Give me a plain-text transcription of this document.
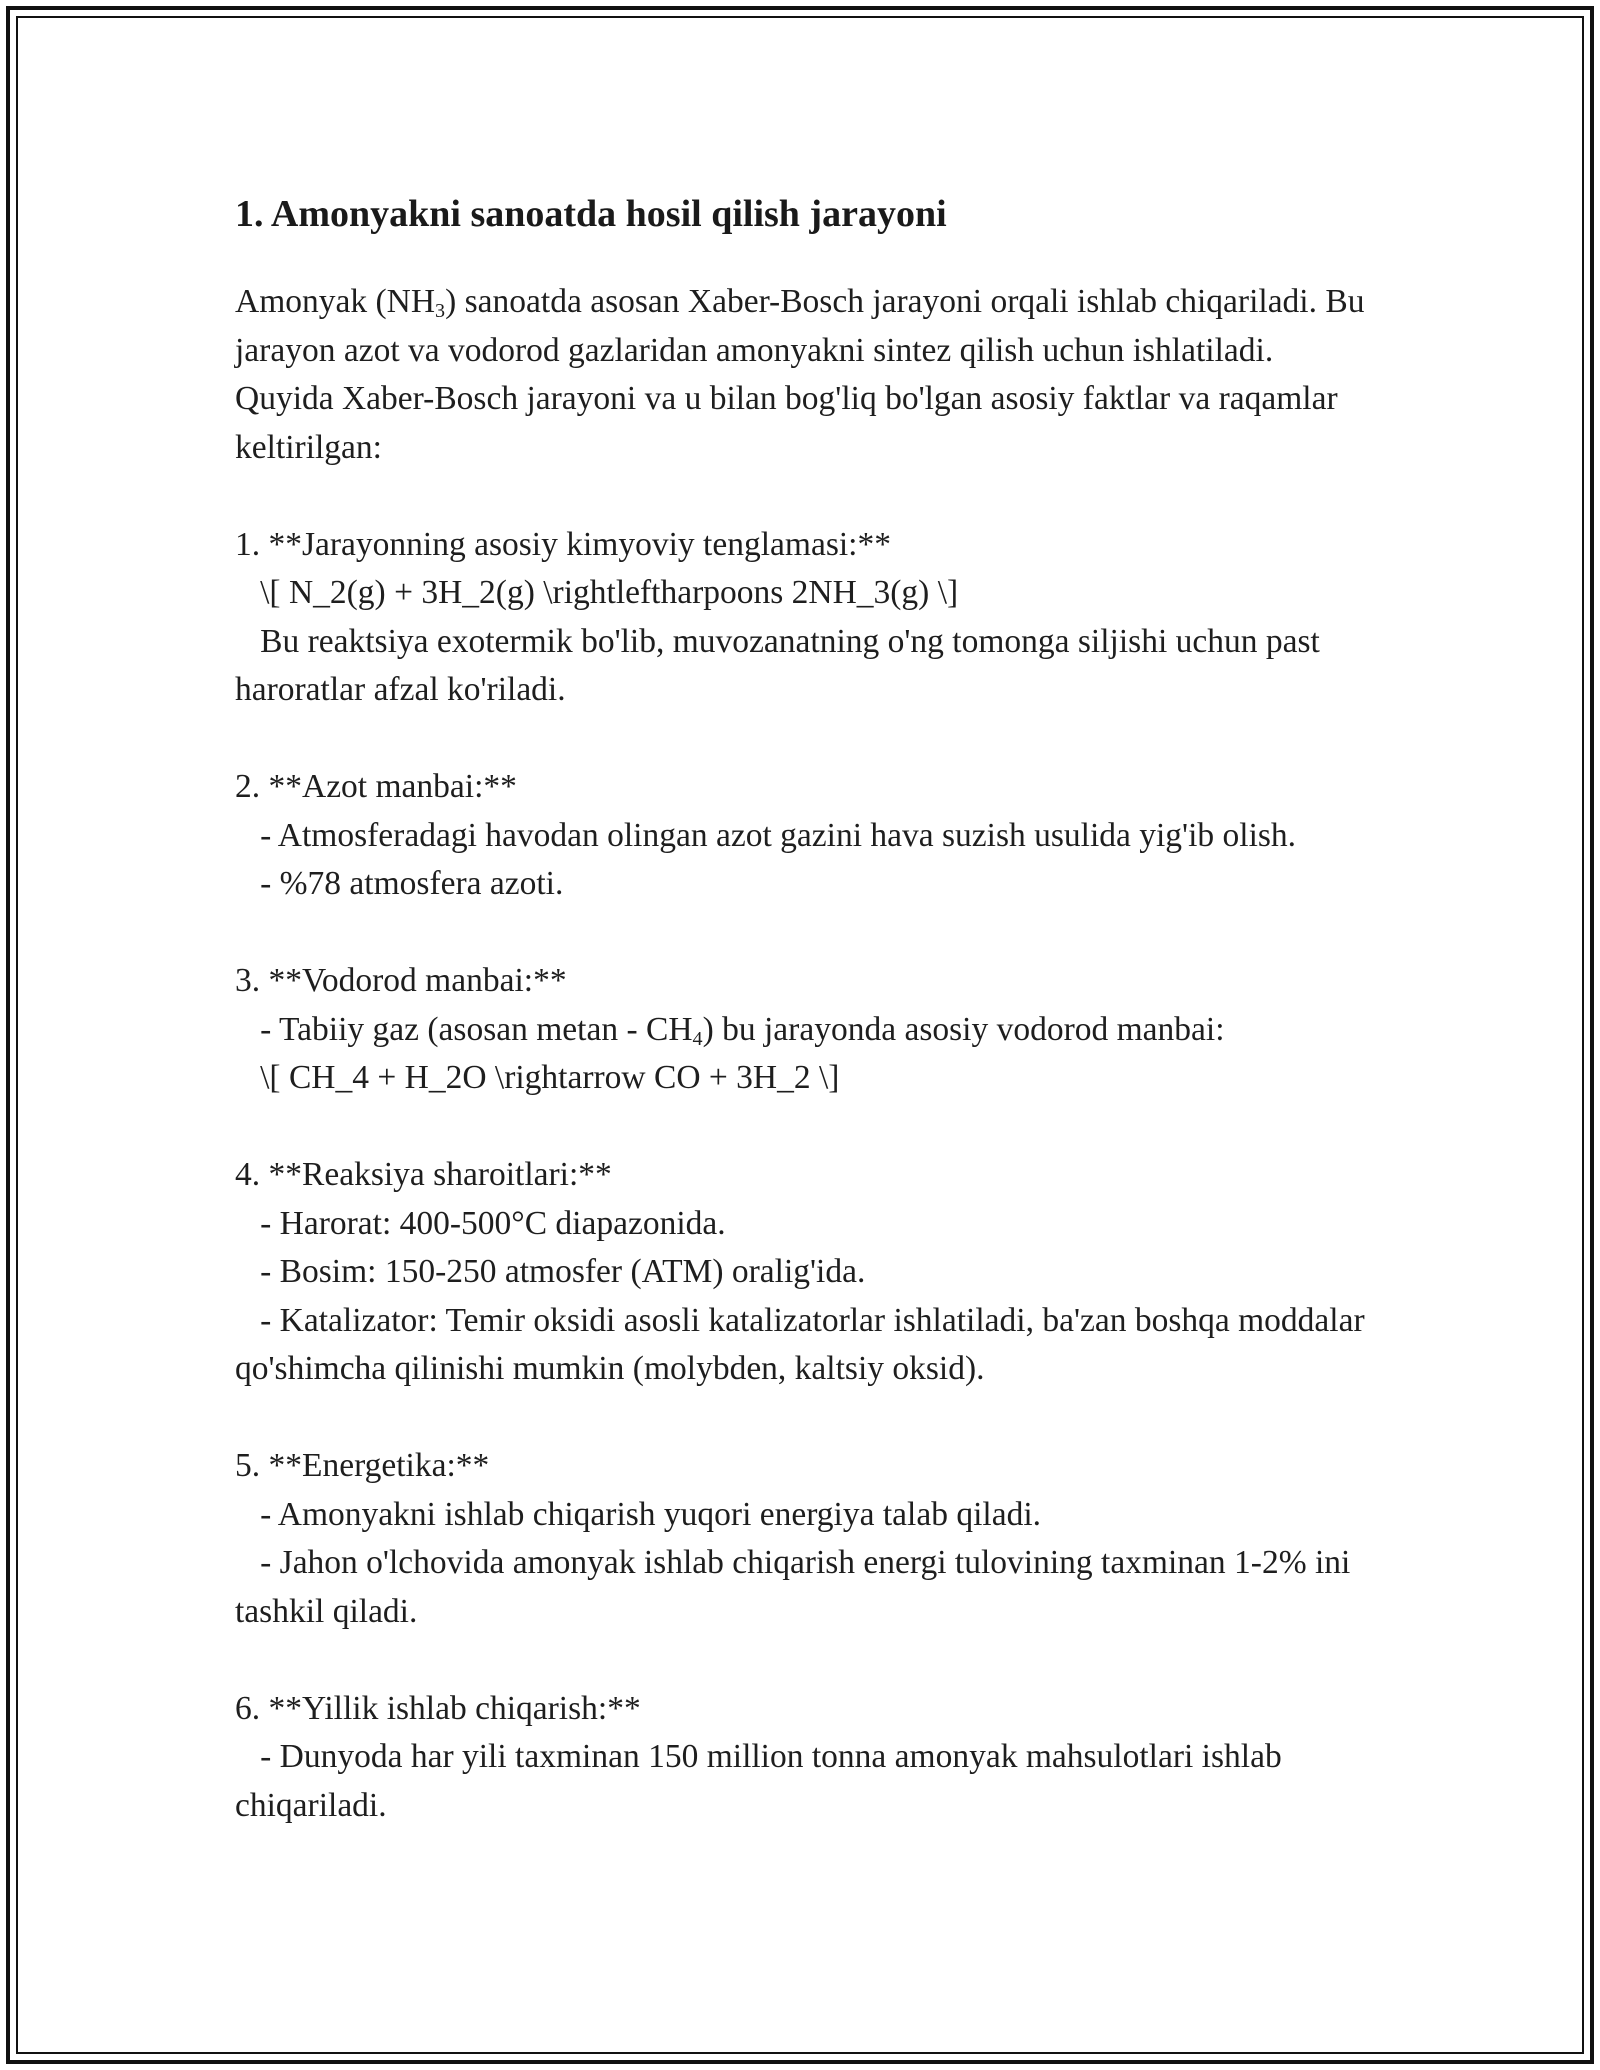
1. Amonyakni sanoatda hosil qilish jarayoni

Amonyak $(NH_3)$ sanoatda asosan Xaber-Bosch jarayoni orqali ishlab chiqariladi. Bu jarayon azot va vodorod gazlaridan amonyakni sintez qilish uchun ishlatiladi. Quyida Xaber-Bosch jarayoni va u bilan bog'liq bo'lgan asosiy faktlar va raqamlar keltirilgan:

1. **Jarayonning asosiy kimyoviy tenglamasi:**
\[ N_2(g) + 3H_2(g) \rightleftharpoons 2NH_3(g) \]
Bu reaktsiya exotermik bo'lib, muvozanatning o'ng tomonga siljishi uchun past haroratlar afzal ko'riladi.
2. **Azot manbai:**
- Atmosferadagi havodan olingan azot gazini hava suzish usulida yig'ib olish.
- %78 atmosfera azoti.
3. **Vodorod manbai:**
- Tabiiy gaz (asosan metan - $CH_4$) bu jarayonda asosiy vodorod manbai:
\[ CH_4 + H_2O \rightarrow CO + 3H_2 \]
4. **Reaksiya sharoitlari:**
- Harorat: 400-500°C diapazonida.
- Bosim: 150-250 atmosfer (ATM) oralig'ida.
- Katalizator: Temir oksidi asosli katalizatorlar ishlatiladi, ba'zan boshqa moddalar qo'shimcha qilinishi mumkin (molybden, kaltsiy oksid).
5. **Energetika:**
- Amonyakni ishlab chiqarish yuqori energiya talab qiladi.
- Jahon o'lchovida amonyak ishlab chiqarish energi tulovining taxminan 1-2% ini tashkil qiladi.
6. **Yillik ishlab chiqarish:**
- Dunyoda har yili taxminan 150 million tonna amonyak mahsulotlari ishlab chiqariladi.
